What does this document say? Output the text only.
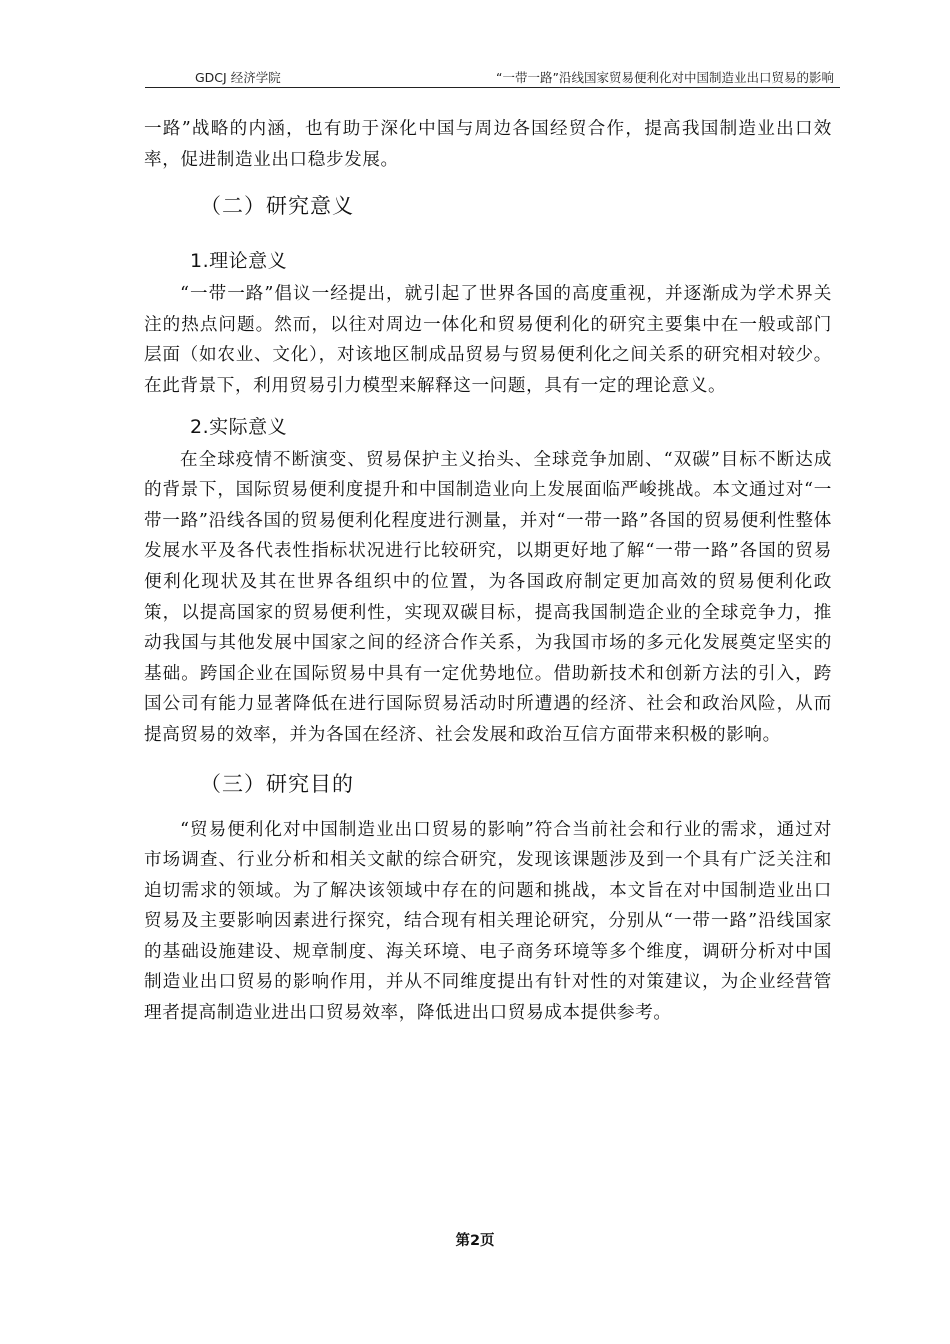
GDCJ 经济学院	“一带一路”沿线国家贸易便利化对中国制造业出口贸易的影响

一路”战略的内涵，也有助于深化中国与周边各国经贸合作，提高我国制造业出口效率，促进制造业出口稳步发展。

（二）研究意义
1.理论意义

“一带一路”倡议一经提出，就引起了世界各国的高度重视，并逐渐成为学术界关注的热点问题。然而，以往对周边一体化和贸易便利化的研究主要集中在一般或部门层面（如农业、文化），对该地区制成品贸易与贸易便利化之间关系的研究相对较少。在此背景下，利用贸易引力模型来解释这一问题，具有一定的理论意义。

2.实际意义

在全球疫情不断演变、贸易保护主义抬头、全球竞争加剧、“双碳”目标不断达成的背景下，国际贸易便利度提升和中国制造业向上发展面临严峻挑战。本文通过对“一带一路”沿线各国的贸易便利化程度进行测量，并对“一带一路”各国的贸易便利性整体发展水平及各代表性指标状况进行比较研究，以期更好地了解“一带一路”各国的贸易便利化现状及其在世界各组织中的位置，为各国政府制定更加高效的贸易便利化政策，以提高国家的贸易便利性，实现双碳目标，提高我国制造企业的全球竞争力，推动我国与其他发展中国家之间的经济合作关系，为我国市场的多元化发展奠定坚实的基础。跨国企业在国际贸易中具有一定优势地位。借助新技术和创新方法的引入，跨国公司有能力显著降低在进行国际贸易活动时所遭遇的经济、社会和政治风险，从而提高贸易的效率，并为各国在经济、社会发展和政治互信方面带来积极的影响。

（三）研究目的

“贸易便利化对中国制造业出口贸易的影响”符合当前社会和行业的需求，通过对市场调查、行业分析和相关文献的综合研究，发现该课题涉及到一个具有广泛关注和迫切需求的领域。为了解决该领域中存在的问题和挑战，本文旨在对中国制造业出口贸易及主要影响因素进行探究，结合现有相关理论研究，分别从“一带一路”沿线国家的基础设施建设、规章制度、海关环境、电子商务环境等多个维度，调研分析对中国制造业出口贸易的影响作用，并从不同维度提出有针对性的对策建议，为企业经营管理者提高制造业进出口贸易效率，降低进出口贸易成本提供参考。

第2页
